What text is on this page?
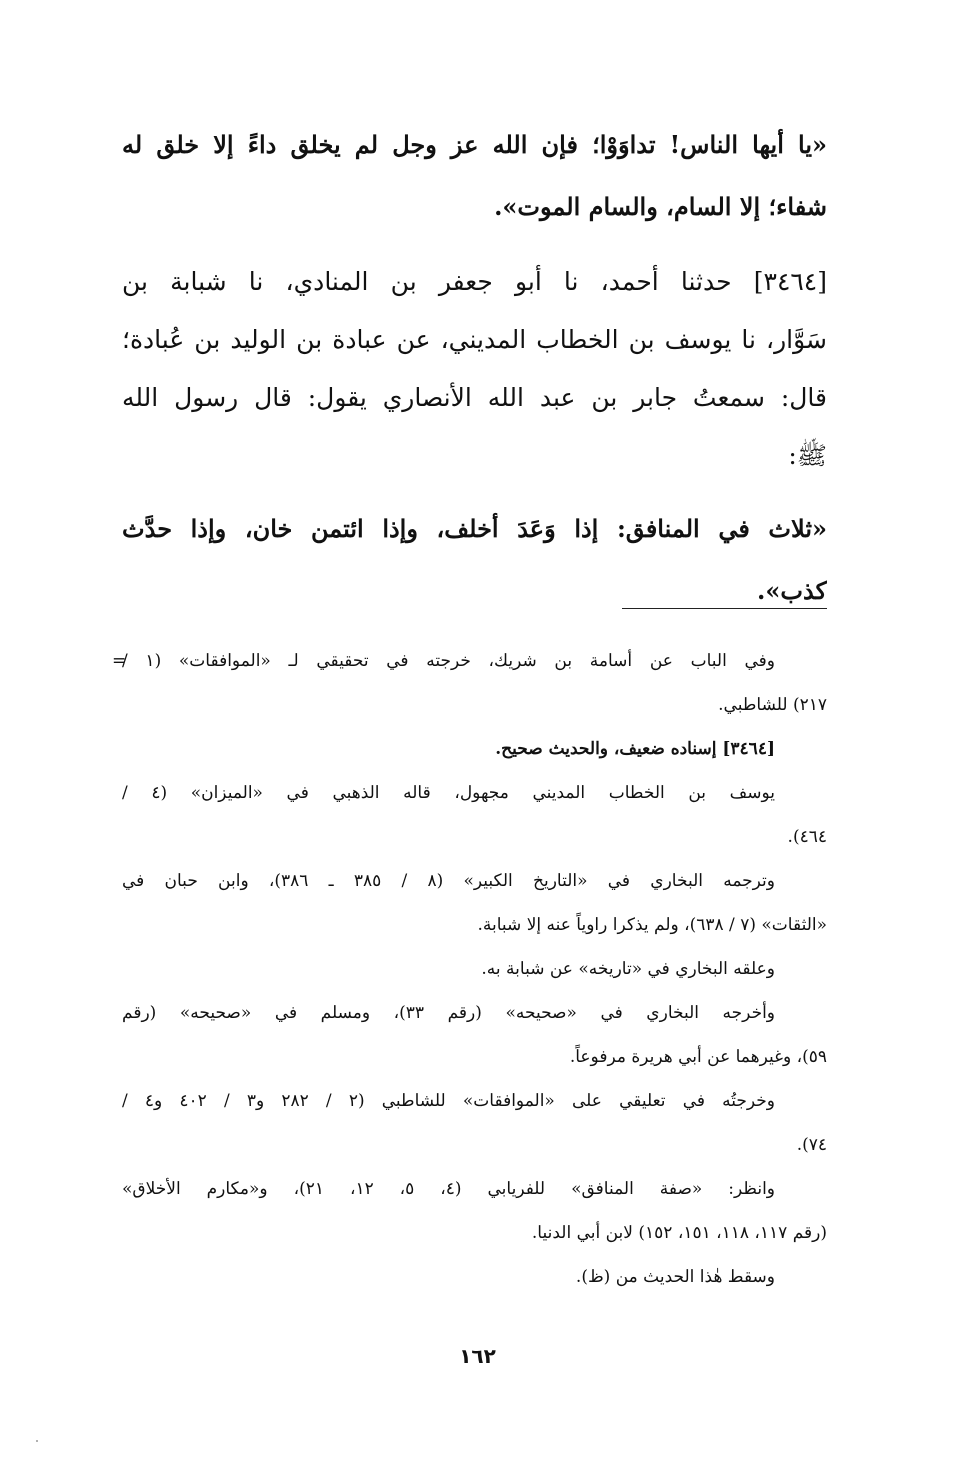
«يا أيها الناس! تداوَوْا؛ فإن الله عز وجل لم يخلق داءً إلا خلق له
شفاء؛ إلا السام، والسام الموت».
[٣٤٦٤] حدثنا أحمد، نا أبو جعفر بن المنادي، نا شبابة بن
سَوَّار، نا يوسف بن الخطاب المديني، عن عبادة بن الوليد بن عُبادة؛
قال: سمعتُ جابر بن عبد الله الأنصاري يقول: قال رسول الله
ﷺ:
«ثلاث في المنافق: إذا وَعَدَ أخلف، وإذا ائتمن خان، وإذا حدَّث
كذب».
=
وفي الباب عن أسامة بن شريك، خرجته في تحقيقي لـ «الموافقات» (١ /
٢١٧) للشاطبي.
[٣٤٦٤] إسناده ضعيف، والحديث صحيح.
يوسف بن الخطاب المديني مجهول، قاله الذهبي في «الميزان» (٤ /
٤٦٤).
وترجمه البخاري في «التاريخ الكبير» (٨ / ٣٨٥ ـ ٣٨٦)، وابن حبان في
«الثقات» (٧ / ٦٣٨)، ولم يذكرا راوياً عنه إلا شبابة.
وعلقه البخاري في «تاريخه» عن شبابة به.
وأخرجه البخاري في «صحيحه» (رقم ٣٣)، ومسلم في «صحيحه» (رقم
٥٩)، وغيرهما عن أبي هريرة مرفوعاً.
وخرجتُه في تعليقي على «الموافقات» للشاطبي (٢ / ٢٨٢ و٣ / ٤٠٢ و٤ /
٧٤).
وانظر: «صفة المنافق» للفريابي (٤، ٥، ١٢، ٢١)، و«مكارم الأخلاق»
(رقم ١١٧، ١١٨، ١٥١، ١٥٢) لابن أبي الدنيا.
وسقط هٰذا الحديث من (ظ).
١٦٢
